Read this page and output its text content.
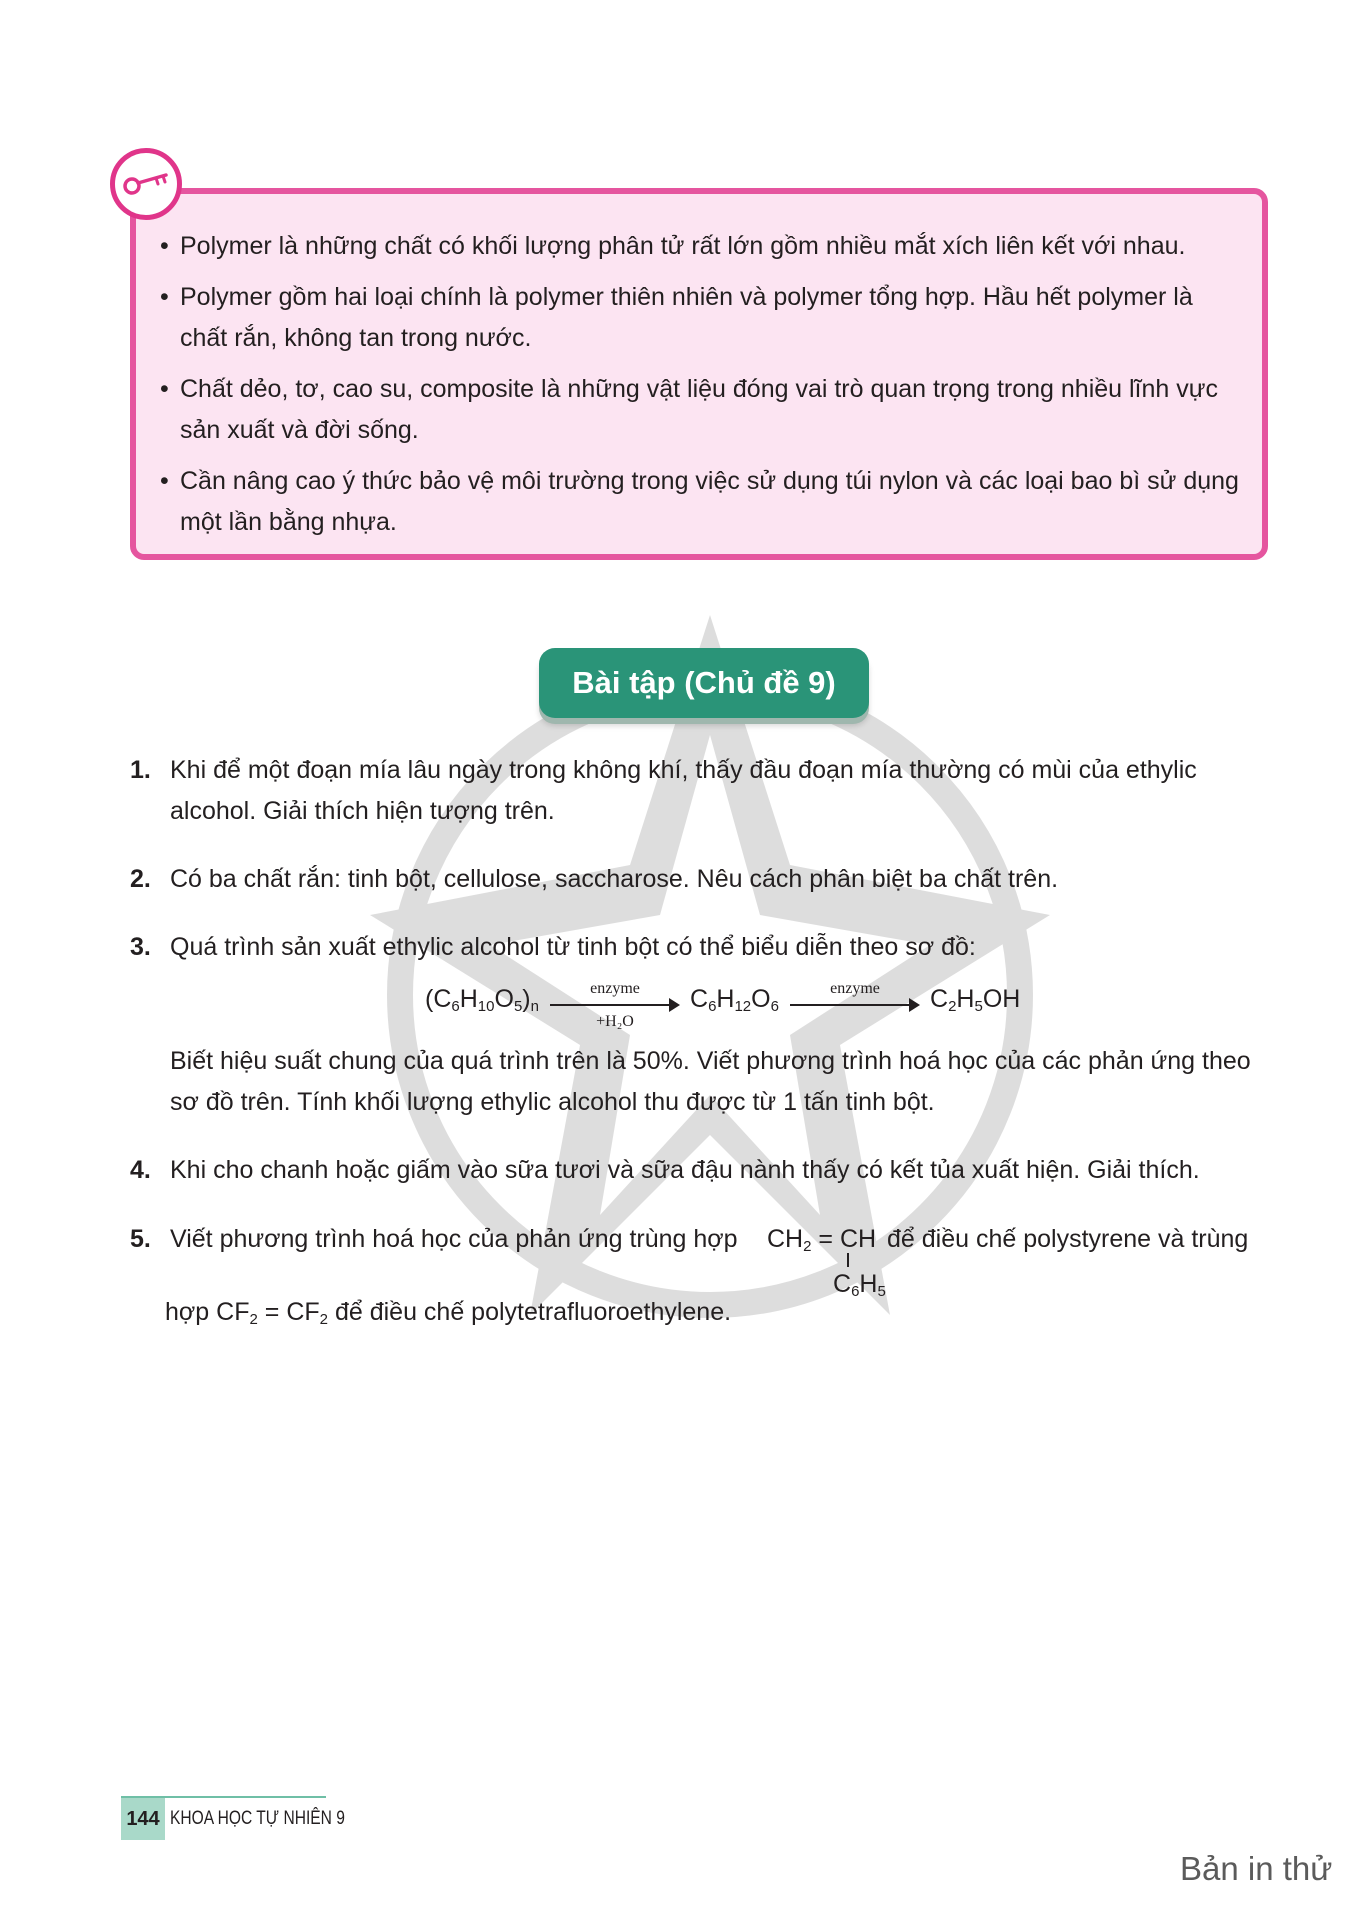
• Polymer là những chất có khối lượng phân tử rất lớn gồm nhiều mắt xích liên kết với nhau.
• Polymer gồm hai loại chính là polymer thiên nhiên và polymer tổng hợp. Hầu hết polymer là chất rắn, không tan trong nước.
• Chất dẻo, tơ, cao su, composite là những vật liệu đóng vai trò quan trọng trong nhiều lĩnh vực sản xuất và đời sống.
• Cần nâng cao ý thức bảo vệ môi trường trong việc sử dụng túi nylon và các loại bao bì sử dụng một lần bằng nhựa.
Bài tập (Chủ đề 9)
1. Khi để một đoạn mía lâu ngày trong không khí, thấy đầu đoạn mía thường có mùi của ethylic alcohol. Giải thích hiện tượng trên.
2. Có ba chất rắn: tinh bột, cellulose, saccharose. Nêu cách phân biệt ba chất trên.
3. Quá trình sản xuất ethylic alcohol từ tinh bột có thể biểu diễn theo sơ đồ:
$(C_6H_{10}O_5)_n$
enzyme
+H₂O
$C_6H_{12}O_6$
enzyme	$C_2H_5OH$
Biết hiệu suất chung của quá trình trên là 50%. Viết phương trình hoá học của các phản ứng theo sơ đồ trên. Tính khối lượng ethylic alcohol thu được từ 1 tấn tinh bột.
4. Khi cho chanh hoặc giấm vào sữa tươi và sữa đậu nành thấy có kết tủa xuất hiện. Giải thích.
5. Viết phương trình hoá học của phản ứng trùng hợp $CH_2$ = CH
$C_6H_5$
để điều chế polystyrene và trùng
hợp $CF_2 = CF_2$ để điều chế polytetrafluoroethylene.
144 KHOA HỌC TỰ NHIÊN 9
Bản in thử
